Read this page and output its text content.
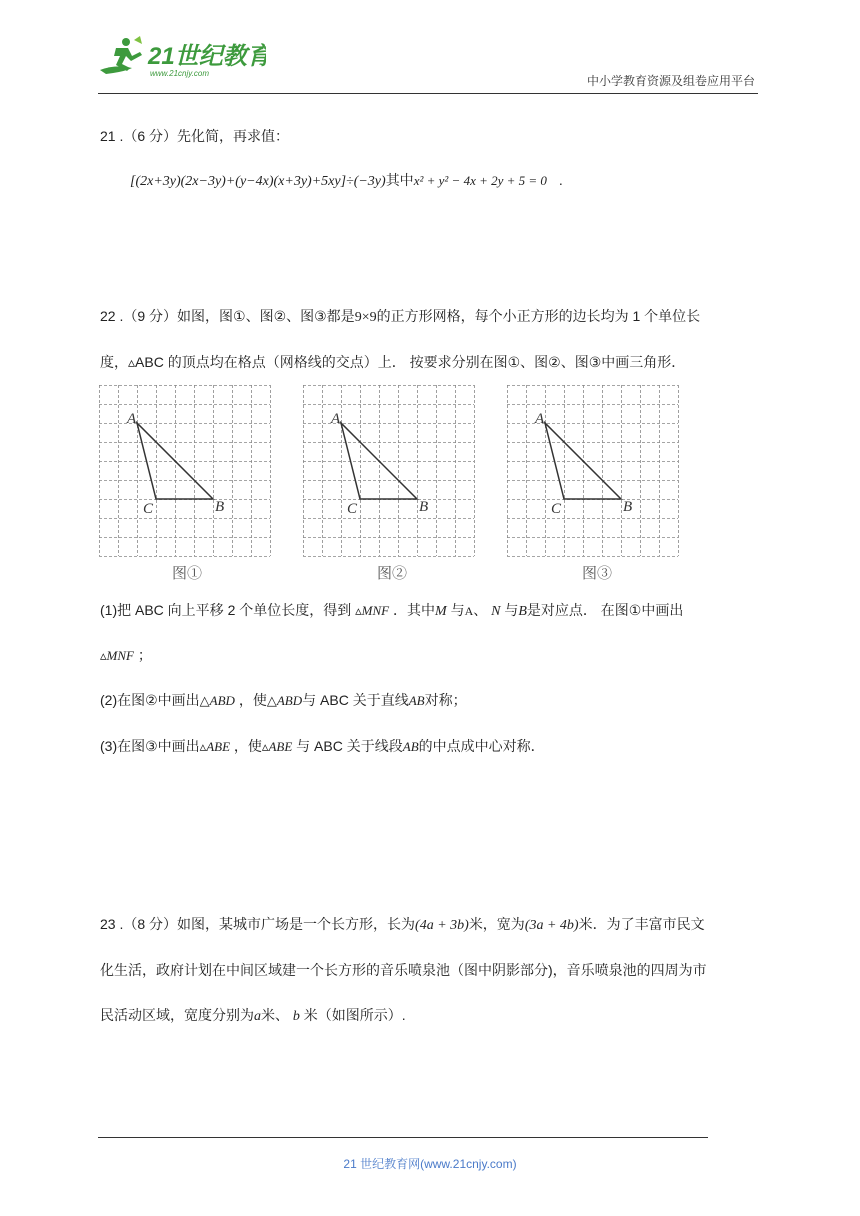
21世纪教育
www.21cnjy.com
中小学教育资源及组卷应用平台
21 .（6 分）先化简，再求值：
[(2x+3y)(2x−3y)+(y−4x)(x+3y)+5xy]÷(−3y)其中x² + y² − 4x + 2y + 5 = 0 .
22 .（9 分）如图，图①、图②、图③都是9×9的正方形网格，每个小正方形的边长均为 1 个单位长
度，▵ABC 的顶点均在格点（网格线的交点）上． 按要求分别在图①、图②、图③中画三角形．
A
C	B
A
C	B
A
C	B
图①	图②	图③
(1)把 ABC 向上平移 2 个单位长度，得到 ▵MNF ．其中M 与A、 N 与B是对应点． 在图①中画出
▵MNF ；
(2)在图②中画出△ABD ，使△ABD与 ABC 关于直线AB对称；
(3)在图③中画出▵ABE ，使▵ABE 与 ABC 关于线段AB的中点成中心对称．
23 .（8 分）如图，某城市广场是一个长方形，长为(4a + 3b)米，宽为(3a + 4b)米．为了丰富市民文
化生活，政府计划在中间区域建一个长方形的音乐喷泉池（图中阴影部分)，音乐喷泉池的四周为市
民活动区域，宽度分别为a米、 b 米（如图所示）.
21 世纪教育网(www.21cnjy.com)
